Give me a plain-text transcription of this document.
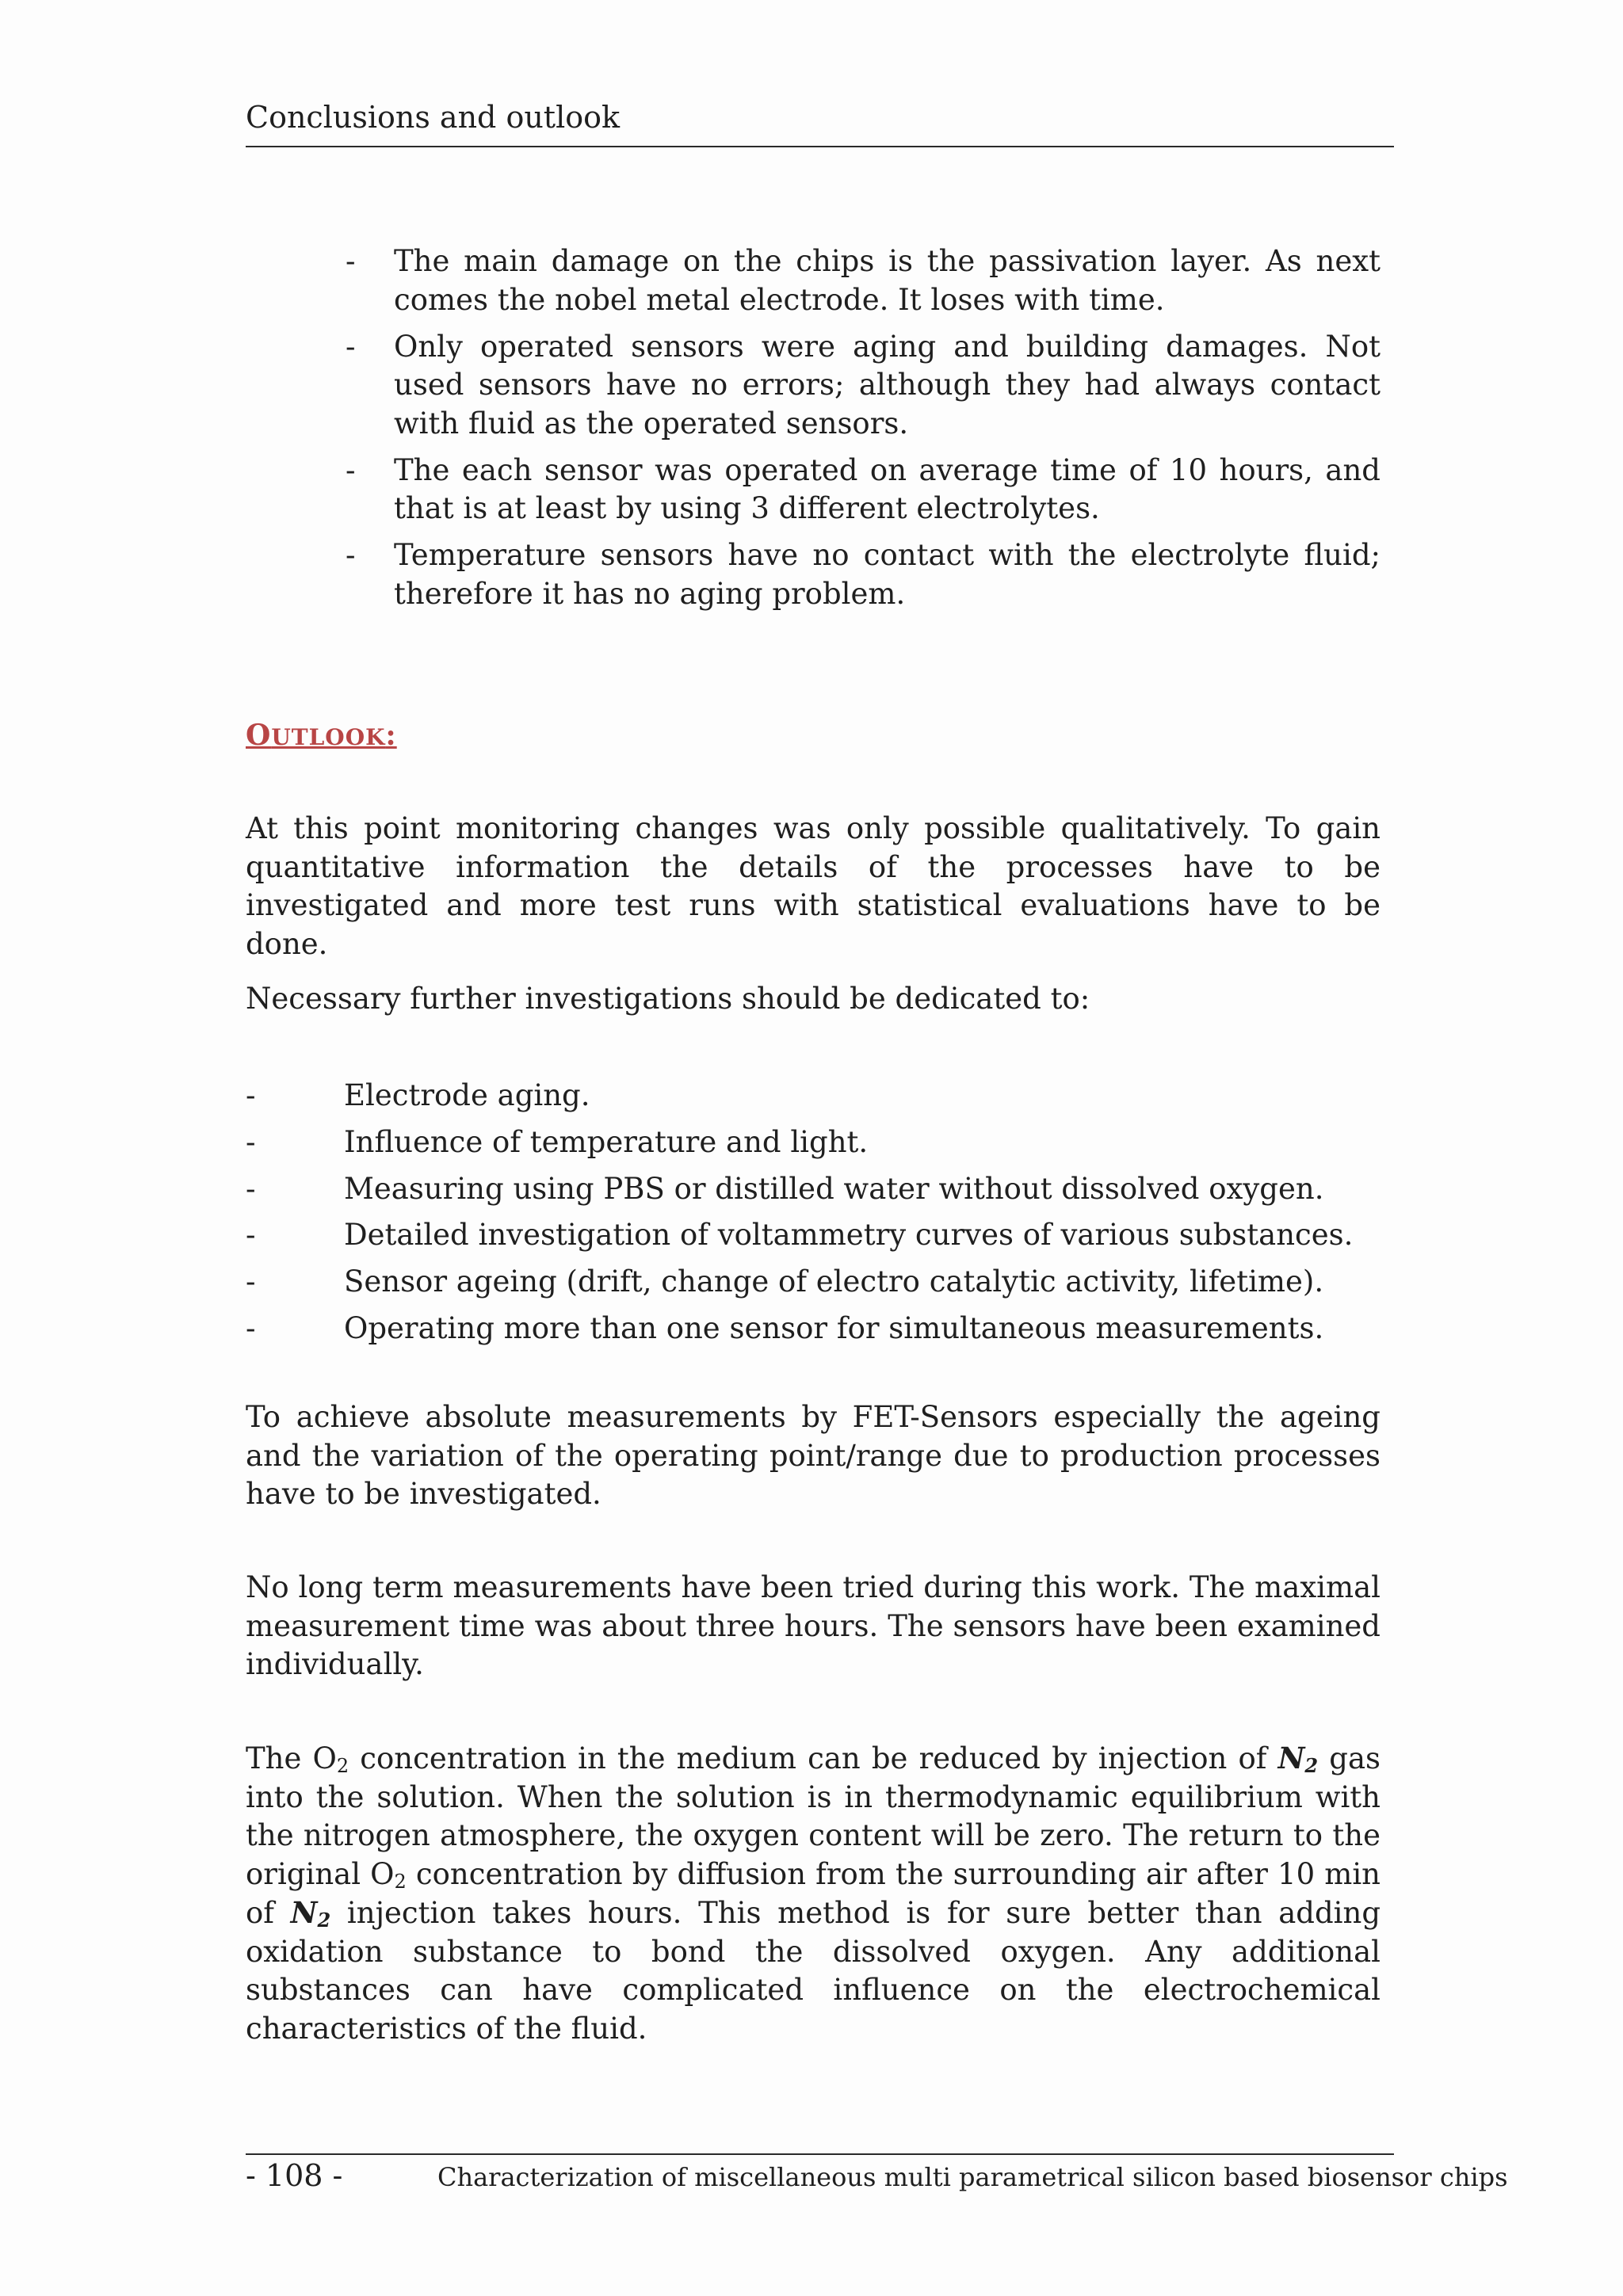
Conclusions and outlook
- The main damage on the chips is the passivation layer. As next comes the nobel metal electrode. It loses with time.
- Only operated sensors were aging and building damages. Not used sensors have no errors; although they had always contact with fluid as the operated sensors.
- The each sensor was operated on average time of 10 hours, and that is at least by using 3 different electrolytes.
- Temperature sensors have no contact with the electrolyte fluid; therefore it has no aging problem.
OUTLOOK:

At this point monitoring changes was only possible qualitatively. To gain quantitative information the details of the processes have to be investigated and more test runs with statistical evaluations have to be done.

Necessary further investigations should be dedicated to:

-	Electrode aging.
-	Influence of temperature and light.
-	Measuring using PBS or distilled water without dissolved oxygen.
-	Detailed investigation of voltammetry curves of various substances.
-	Sensor ageing (drift, change of electro catalytic activity, lifetime).
-	Operating more than one sensor for simultaneous measurements.

To achieve absolute measurements by FET-Sensors especially the ageing and the variation of the operating point/range due to production processes have to be investigated.

No long term measurements have been tried during this work. The maximal measurement time was about three hours. The sensors have been examined individually.

The $O_2$ concentration in the medium can be reduced by injection of $N_2$ gas into the solution. When the solution is in thermodynamic equilibrium with the nitrogen atmosphere, the oxygen content will be zero. The return to the original $O_2$ concentration by diffusion from the surrounding air after 10 min of $N_2$ injection takes hours. This method is for sure better than adding oxidation substance to bond the dissolved oxygen. Any additional substances can have complicated influence on the electrochemical characteristics of the fluid.

- 108 -	Characterization of miscellaneous multi parametrical silicon based biosensor chips
